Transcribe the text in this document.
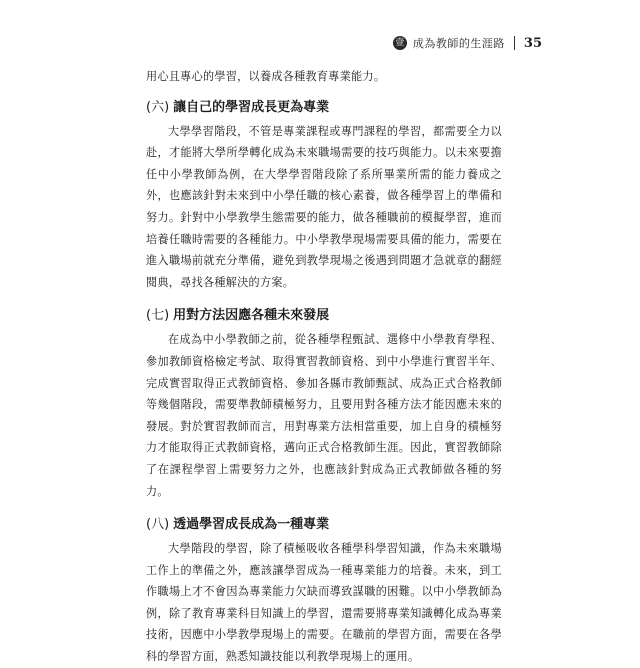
壹 成為教師的生涯路 35

用心且專心的學習，以養成各種教育專業能力。

(六) 讓自己的學習成長更為專業

大學學習階段，不管是專業課程或專門課程的學習，都需要全力以赴，才能將大學所學轉化成為未來職場需要的技巧與能力。以未來要擔任中小學教師為例，在大學學習階段除了系所畢業所需的能力養成之外，也應該針對未來到中小學任職的核心素養，做各種學習上的準備和努力。針對中小學教學生態需要的能力，做各種職前的模擬學習，進而培養任職時需要的各種能力。中小學教學現場需要具備的能力，需要在進入職場前就充分準備，避免到教學現場之後遇到問題才急就章的翻經閱典，尋找各種解決的方案。

(七) 用對方法因應各種未來發展

在成為中小學教師之前，從各種學程甄試、選修中小學教育學程、參加教師資格檢定考試、取得實習教師資格、到中小學進行實習半年、完成實習取得正式教師資格、參加各縣市教師甄試、成為正式合格教師等幾個階段，需要準教師積極努力，且要用對各種方法才能因應未來的發展。對於實習教師而言，用對專業方法相當重要，加上自身的積極努力才能取得正式教師資格，邁向正式合格教師生涯。因此，實習教師除了在課程學習上需要努力之外，也應該針對成為正式教師做各種的努力。

(八) 透過學習成長成為一種專業

大學階段的學習，除了積極吸收各種學科學習知識，作為未來職場工作上的準備之外，應該讓學習成為一種專業能力的培養。未來，到工作職場上才不會因為專業能力欠缺而導致謀職的困難。以中小學教師為例，除了教育專業科目知識上的學習，還需要將專業知識轉化成為專業技術，因應中小學教學現場上的需要。在職前的學習方面，需要在各學科的學習方面，熟悉知識技能以利教學現場上的運用。
